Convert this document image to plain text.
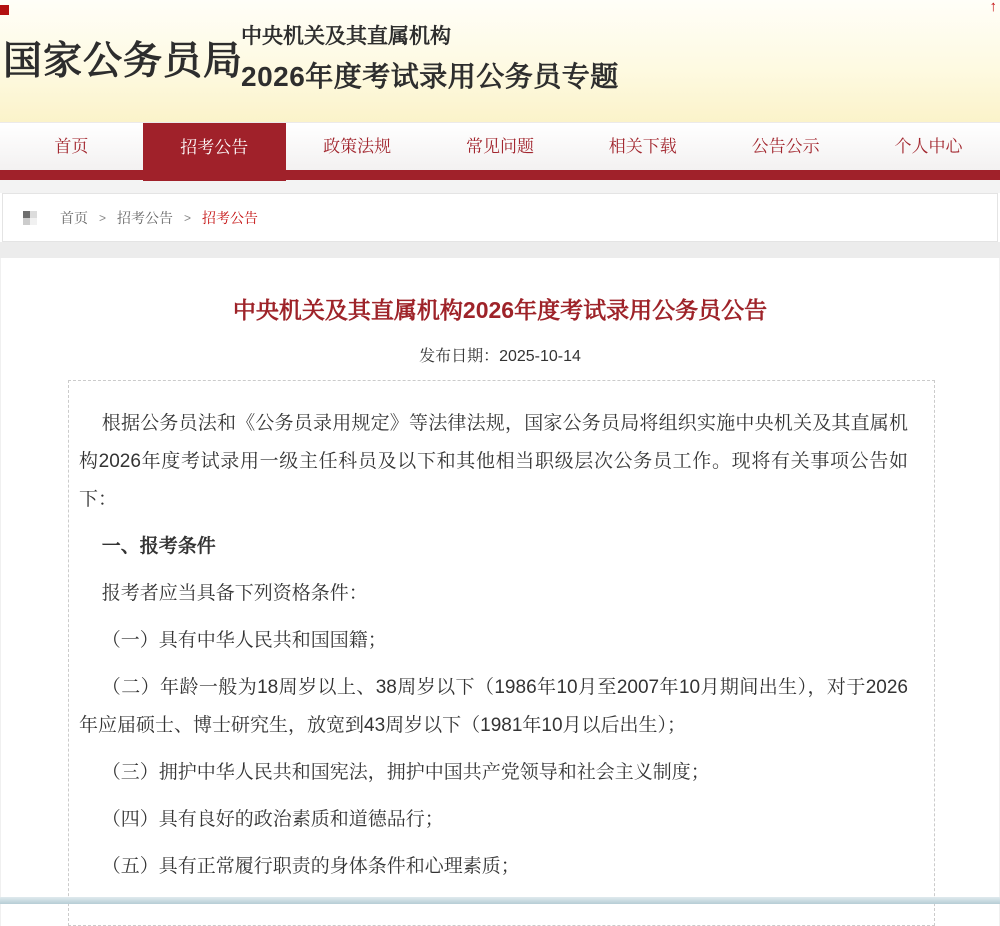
↑
国家公务员局
中央机关及其直属机构
2026年度考试录用公务员专题
首页	招考公告	政策法规	常见问题	相关下载	公告公示	个人中心
首页 > 招考公告 > 招考公告
中央机关及其直属机构2026年度考试录用公务员公告
发布日期：2025-10-14

根据公务员法和《公务员录用规定》等法律法规，国家公务员局将组织实施中央机关及其直属机构2026年度考试录用一级主任科员及以下和其他相当职级层次公务员工作。现将有关事项公告如下：

一、报考条件

报考者应当具备下列资格条件：

（一）具有中华人民共和国国籍；

（二）年龄一般为18周岁以上、38周岁以下（1986年10月至2007年10月期间出生），对于2026年应届硕士、博士研究生，放宽到43周岁以下（1981年10月以后出生）；

（三）拥护中华人民共和国宪法，拥护中国共产党领导和社会主义制度；

（四）具有良好的政治素质和道德品行；

（五）具有正常履行职责的身体条件和心理素质；
